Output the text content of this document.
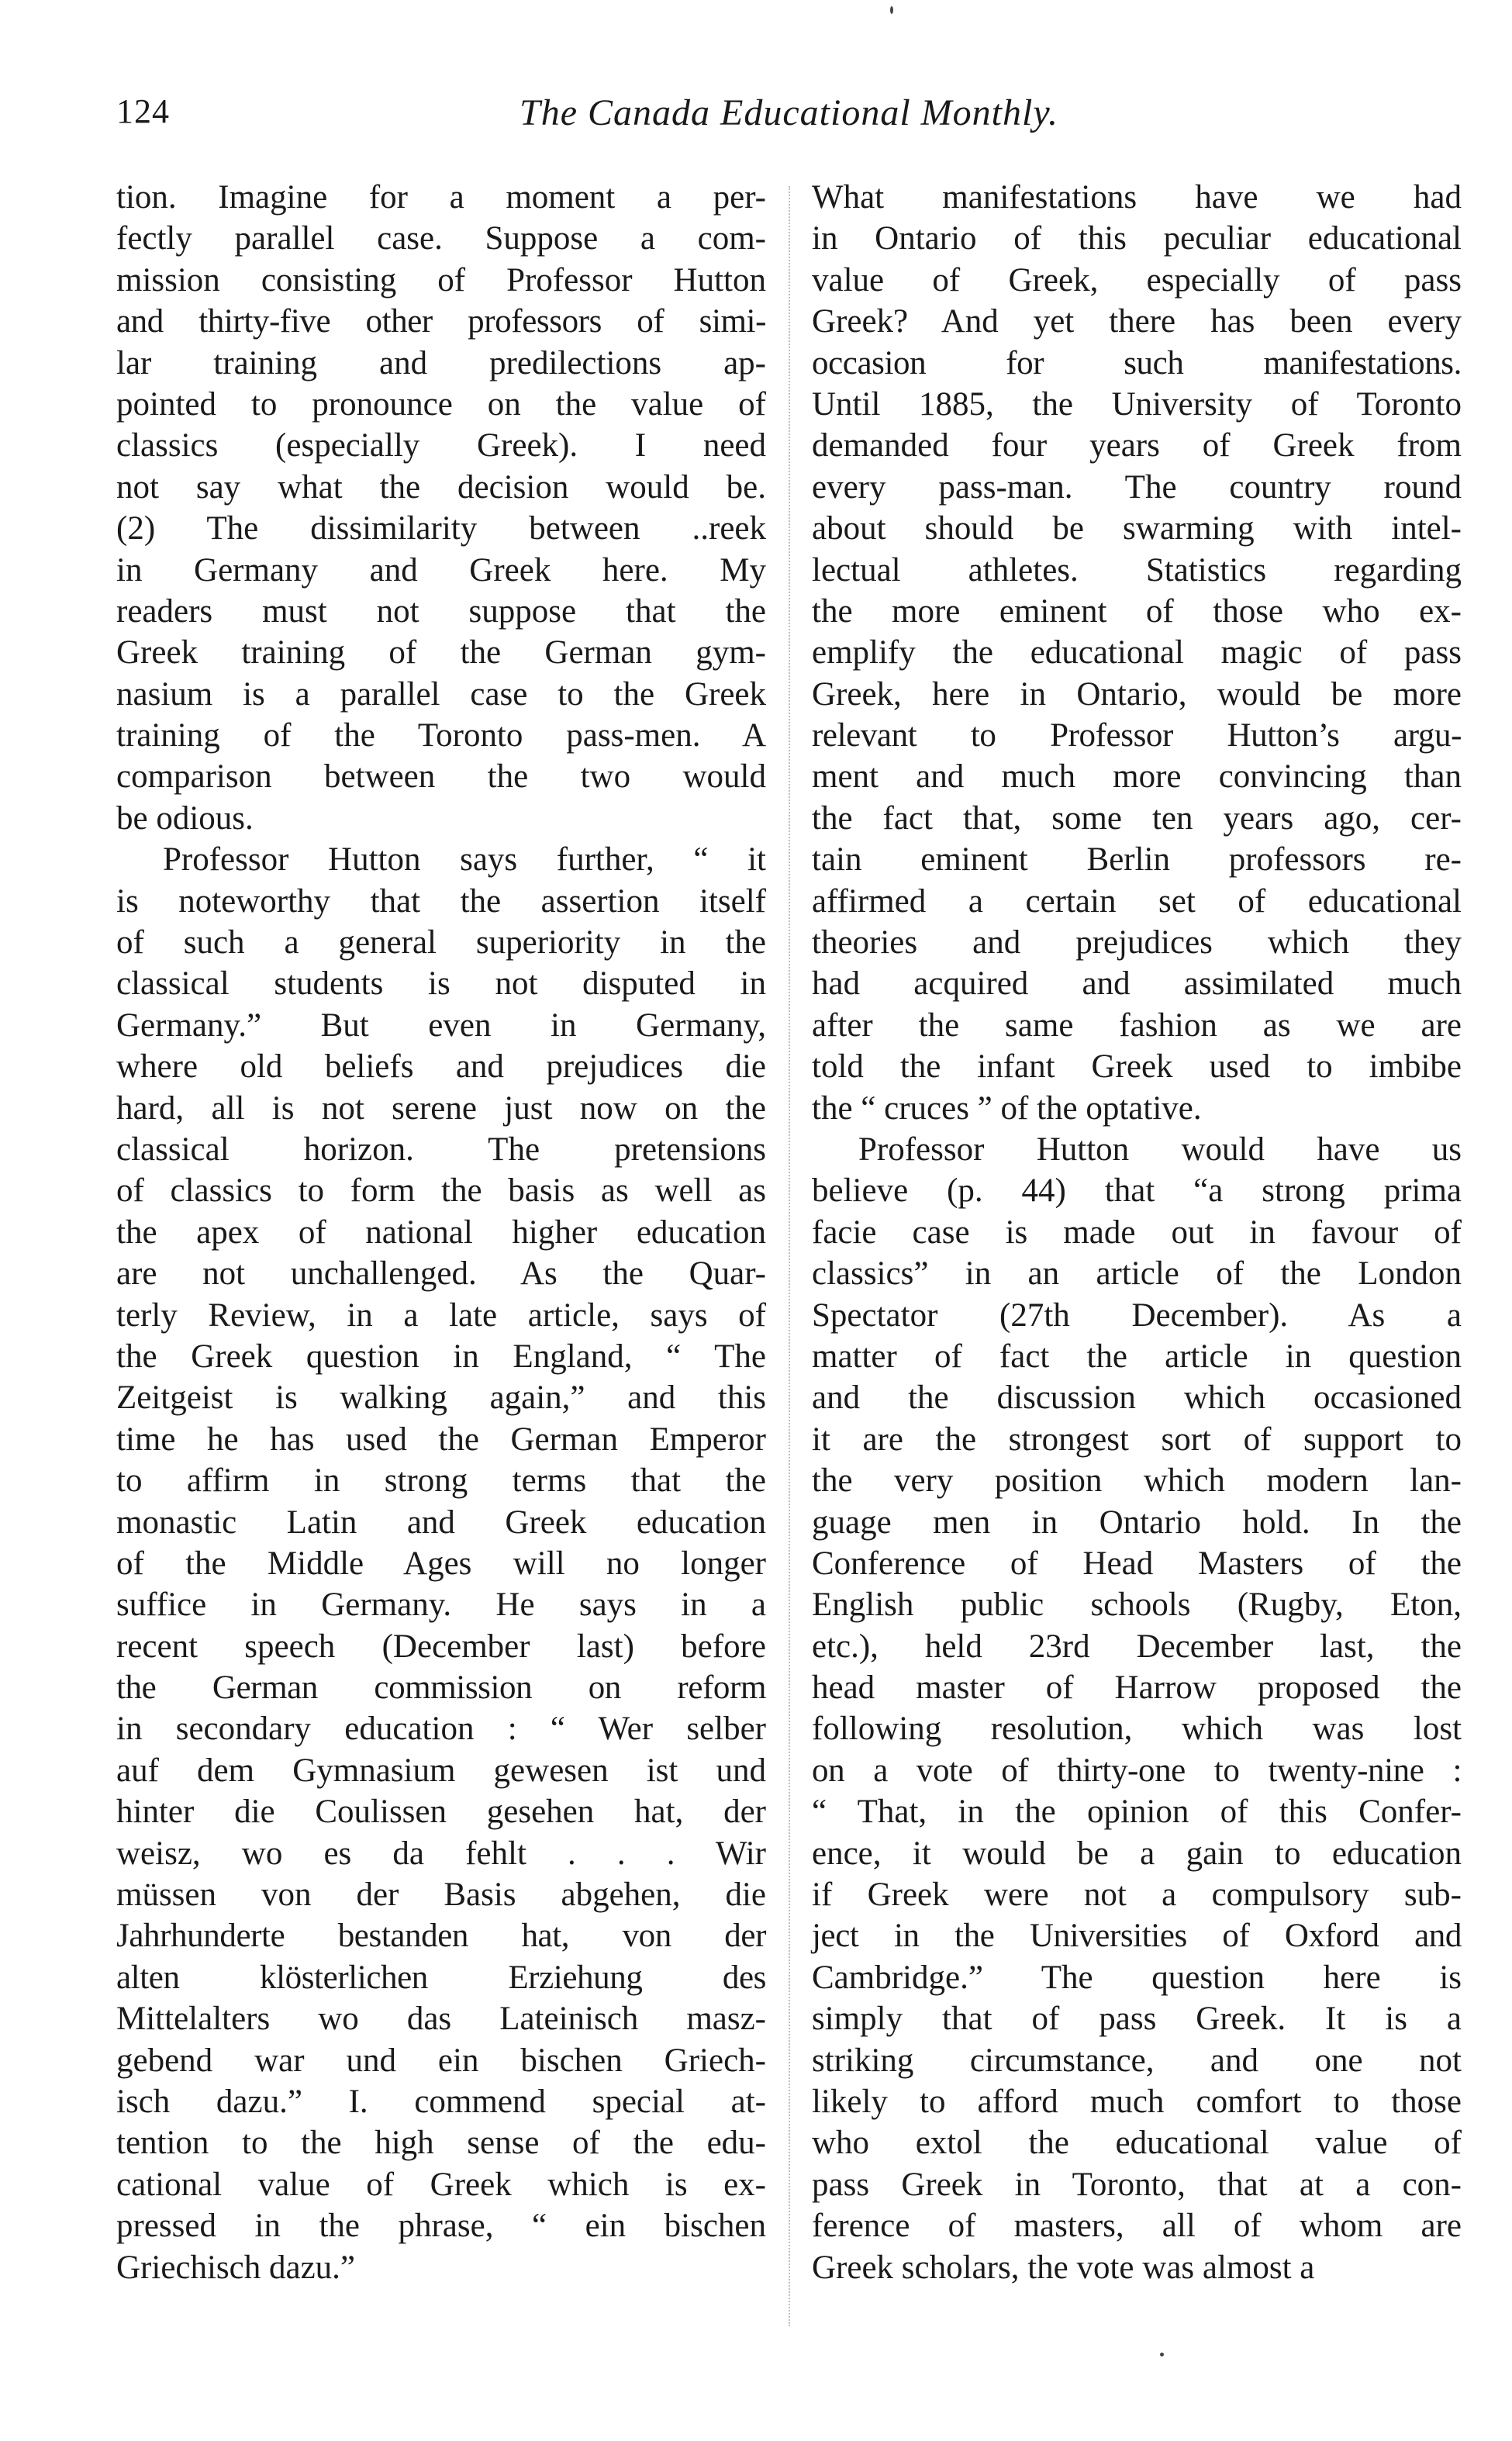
124	The Canada Educational Monthly.
tion. Imagine for a moment a per-
fectly parallel case. Suppose a com-
mission consisting of Professor Hutton
and thirty-five other professors of simi-
lar training and predilections ap-
pointed to pronounce on the value of
classics (especially Greek). I need
not say what the decision would be.
(2) The dissimilarity between ..reek
in Germany and Greek here. My
readers must not suppose that the
Greek training of the German gym-
nasium is a parallel case to the Greek
training of the Toronto pass-men. A
comparison between the two would
be odious.
Professor Hutton says further, “ it
is noteworthy that the assertion itself
of such a general superiority in the
classical students is not disputed in
Germany.” But even in Germany,
where old beliefs and prejudices die
hard, all is not serene just now on the
classical horizon. The pretensions
of classics to form the basis as well as
the apex of national higher education
are not unchallenged. As the Quar-
terly Review, in a late article, says of
the Greek question in England, “ The
Zeitgeist is walking again,” and this
time he has used the German Emperor
to affirm in strong terms that the
monastic Latin and Greek education
of the Middle Ages will no longer
suffice in Germany. He says in a
recent speech (December last) before
the German commission on reform
in secondary education : “ Wer selber
auf dem Gymnasium gewesen ist und
hinter die Coulissen gesehen hat, der
weisz, wo es da fehlt . . . Wir
müssen von der Basis abgehen, die
Jahrhunderte bestanden hat, von der
alten klösterlichen Erziehung des
Mittelalters wo das Lateinisch masz-
gebend war und ein bischen Griech-
isch dazu.” I. commend special at-
tention to the high sense of the edu-
cational value of Greek which is ex-
pressed in the phrase, “ ein bischen
Griechisch dazu.”
What manifestations have we had
in Ontario of this peculiar educational
value of Greek, especially of pass
Greek? And yet there has been every
occasion for such manifestations.
Until 1885, the University of Toronto
demanded four years of Greek from
every pass-man. The country round
about should be swarming with intel-
lectual athletes. Statistics regarding
the more eminent of those who ex-
emplify the educational magic of pass
Greek, here in Ontario, would be more
relevant to Professor Hutton’s argu-
ment and much more convincing than
the fact that, some ten years ago, cer-
tain eminent Berlin professors re-
affirmed a certain set of educational
theories and prejudices which they
had acquired and assimilated much
after the same fashion as we are
told the infant Greek used to imbibe
the “ cruces ” of the optative.
Professor Hutton would have us
believe (p. 44) that “a strong prima
facie case is made out in favour of
classics” in an article of the London
Spectator (27th December). As a
matter of fact the article in question
and the discussion which occasioned
it are the strongest sort of support to
the very position which modern lan-
guage men in Ontario hold. In the
Conference of Head Masters of the
English public schools (Rugby, Eton,
etc.), held 23rd December last, the
head master of Harrow proposed the
following resolution, which was lost
on a vote of thirty-one to twenty-nine :
“ That, in the opinion of this Confer-
ence, it would be a gain to education
if Greek were not a compulsory sub-
ject in the Universities of Oxford and
Cambridge.” The question here is
simply that of pass Greek. It is a
striking circumstance, and one not
likely to afford much comfort to those
who extol the educational value of
pass Greek in Toronto, that at a con-
ference of masters, all of whom are
Greek scholars, the vote was almost a
